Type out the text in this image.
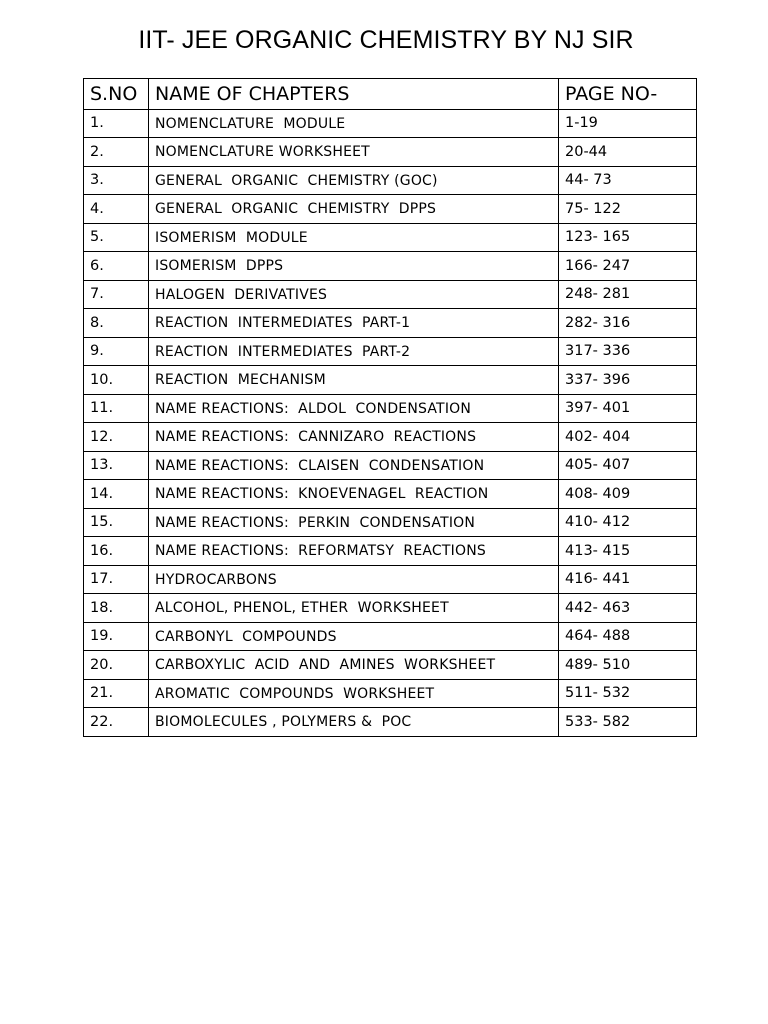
IIT- JEE ORGANIC CHEMISTRY BY NJ SIR
S.NO	NAME OF CHAPTERS	PAGE NO-
1.	NOMENCLATURE  MODULE	1-19
2.	NOMENCLATURE WORKSHEET	20-44
3.	GENERAL  ORGANIC  CHEMISTRY (GOC)	44- 73
4.	GENERAL  ORGANIC  CHEMISTRY  DPPS	75- 122
5.	ISOMERISM  MODULE	123- 165
6.	ISOMERISM  DPPS	166- 247
7.	HALOGEN  DERIVATIVES	248- 281
8.	REACTION  INTERMEDIATES  PART-1	282- 316
9.	REACTION  INTERMEDIATES  PART-2	317- 336
10.	REACTION  MECHANISM	337- 396
11.	NAME REACTIONS:  ALDOL  CONDENSATION	397- 401
12.	NAME REACTIONS:  CANNIZARO  REACTIONS	402- 404
13.	NAME REACTIONS:  CLAISEN  CONDENSATION	405- 407
14.	NAME REACTIONS:  KNOEVENAGEL  REACTION	408- 409
15.	NAME REACTIONS:  PERKIN  CONDENSATION	410- 412
16.	NAME REACTIONS:  REFORMATSY  REACTIONS	413- 415
17.	HYDROCARBONS	416- 441
18.	ALCOHOL, PHENOL, ETHER  WORKSHEET	442- 463
19.	CARBONYL  COMPOUNDS	464- 488
20.	CARBOXYLIC  ACID  AND  AMINES  WORKSHEET	489- 510
21.	AROMATIC  COMPOUNDS  WORKSHEET	511- 532
22.	BIOMOLECULES , POLYMERS &  POC	533- 582
